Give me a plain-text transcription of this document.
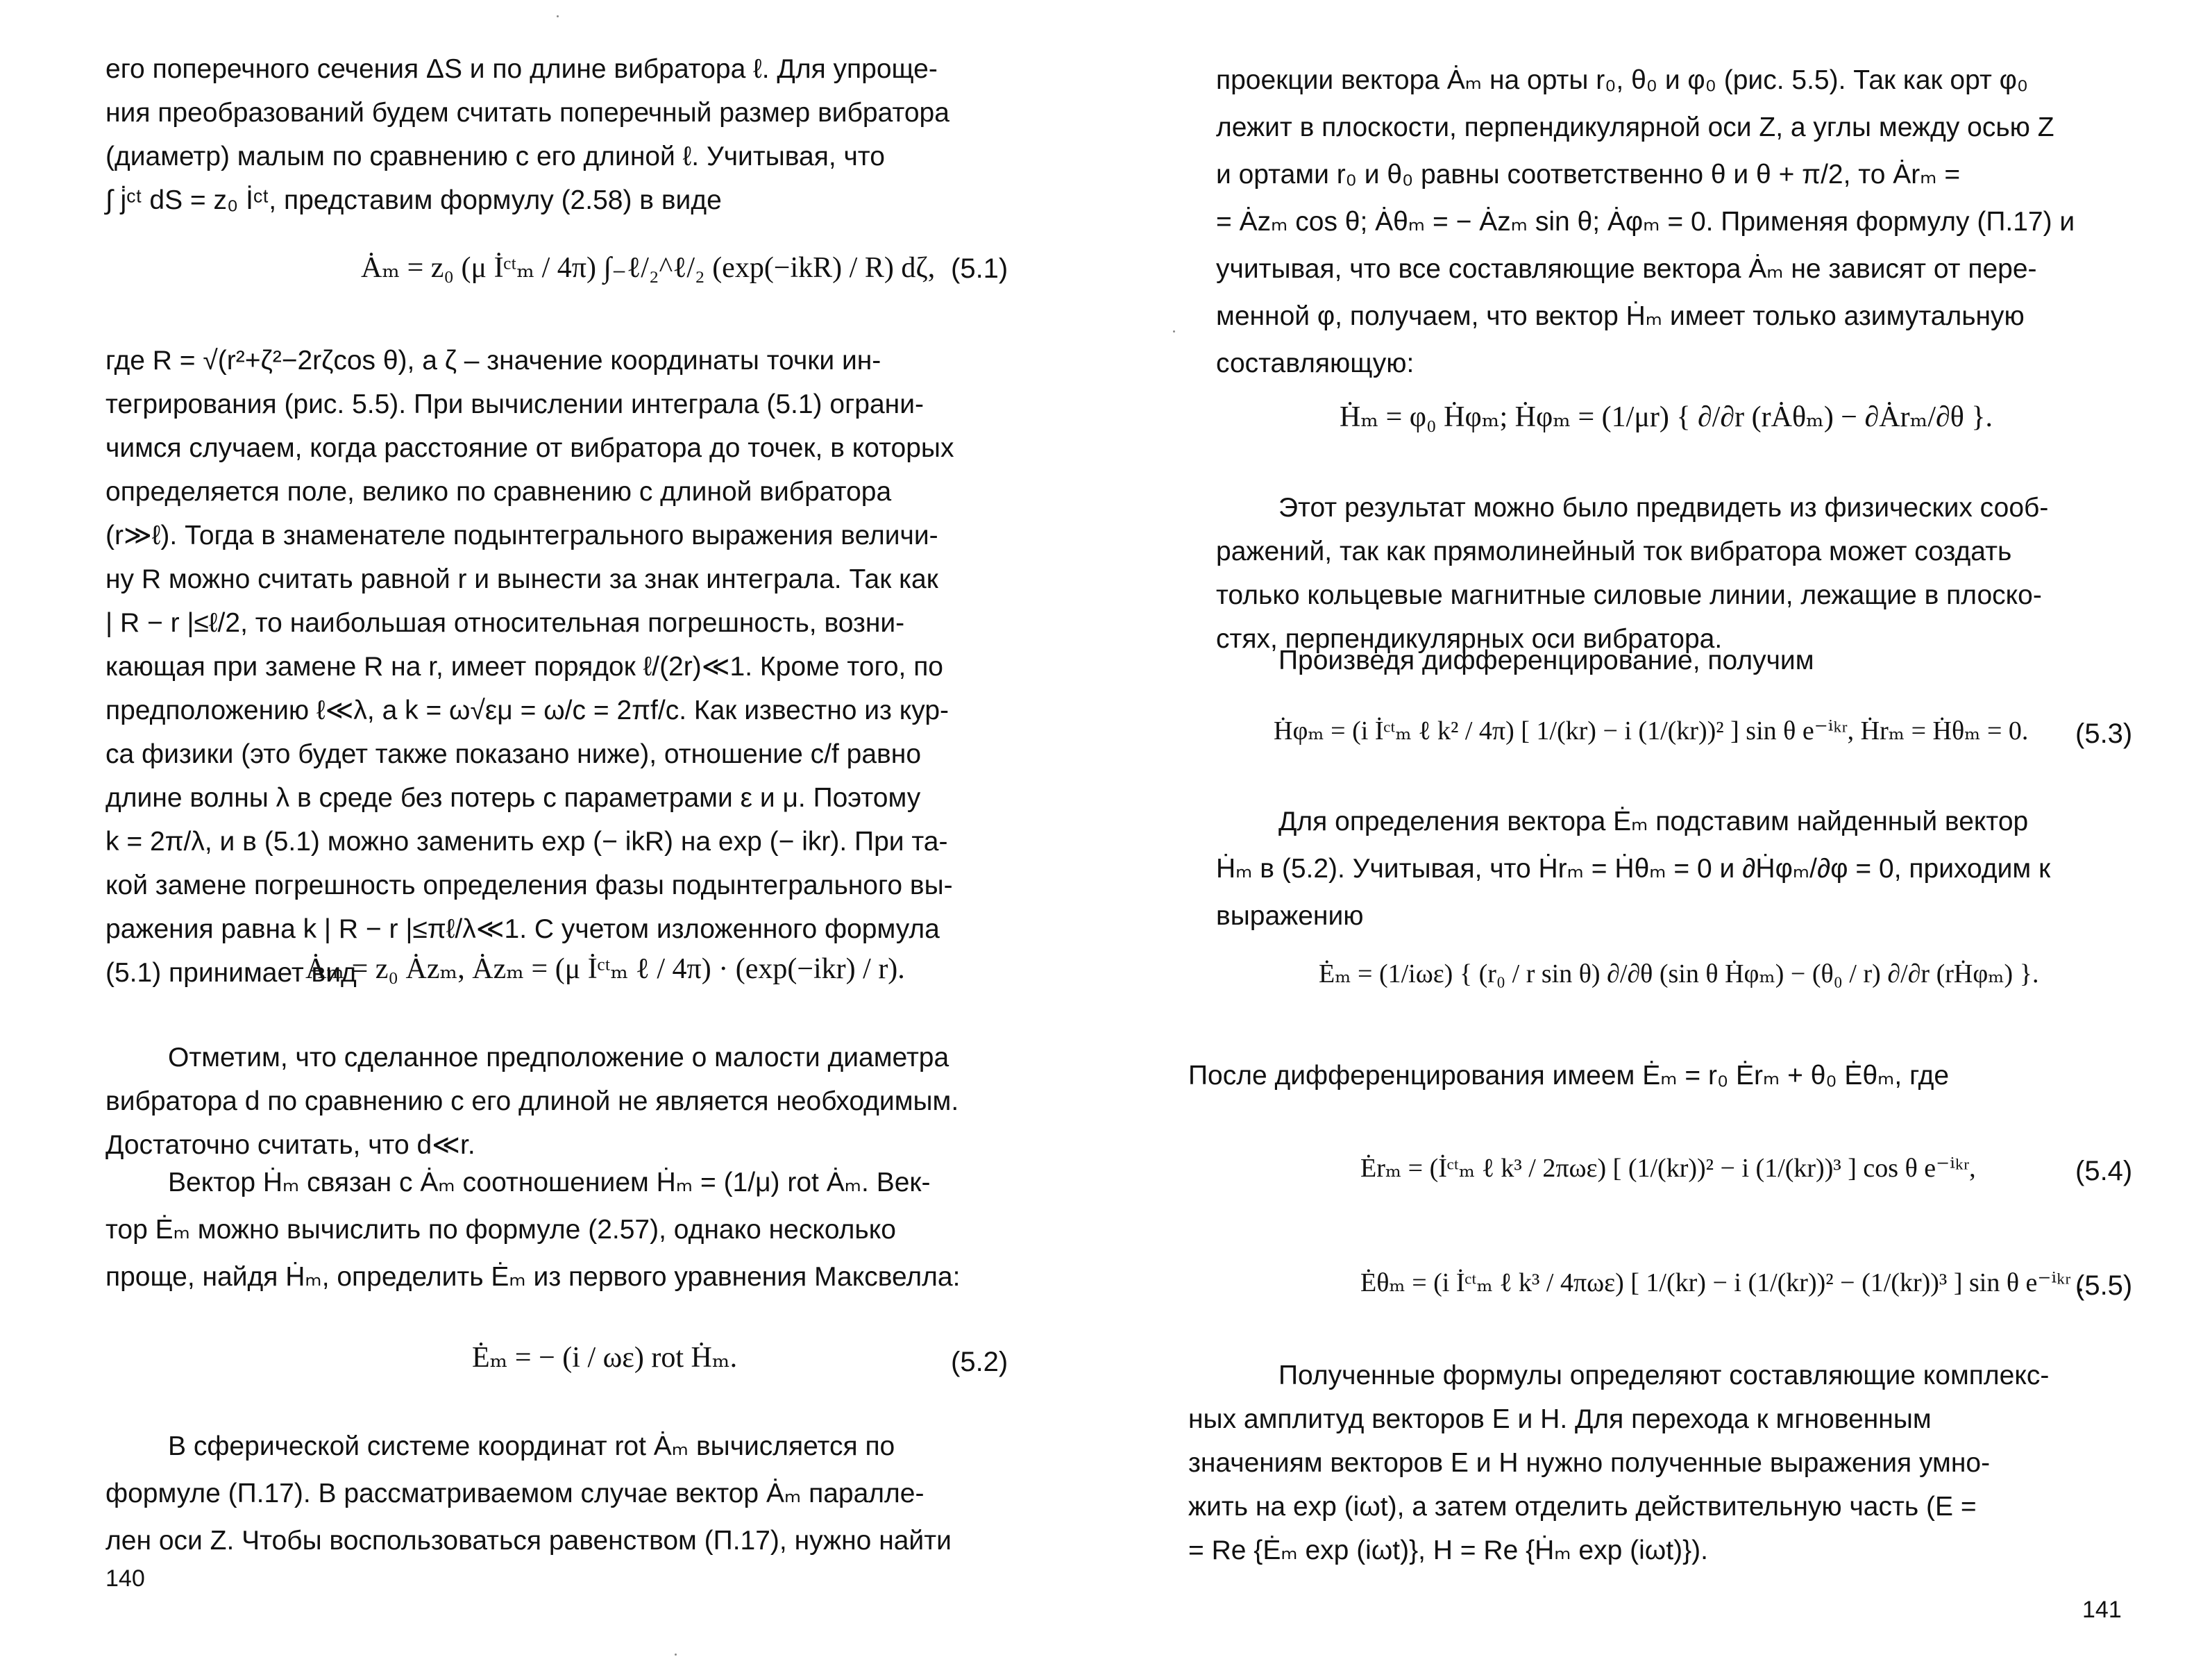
его поперечного сечения ΔS и по длине вибратора ℓ. Для упроще-
ния преобразований будем считать поперечный размер вибратора
(диаметр) малым по сравнению с его длиной ℓ. Учитывая, что
∫ j̇ᶜᵗ dS = z₀ İᶜᵗ, представим формулу (2.58) в виде
Ȧₘ = z₀ (μ İᶜᵗₘ / 4π) ∫₋ℓ/₂^ℓ/₂ (exp(−ikR) / R) dζ, (5.1)
где R = √(r²+ζ²−2rζcos θ), а ζ – значение координаты точки ин-
тегрирования (рис. 5.5). При вычислении интеграла (5.1) ограни-
чимся случаем, когда расстояние от вибратора до точек, в которых
определяется поле, велико по сравнению с длиной вибратора
(r≫ℓ). Тогда в знаменателе подынтегрального выражения величи-
ну R можно считать равной r и вынести за знак интеграла. Так как
| R − r |≤ℓ/2, то наибольшая относительная погрешность, возни-
кающая при замене R на r, имеет порядок ℓ/(2r)≪1. Кроме того, по
предположению ℓ≪λ, а k = ω√εμ = ω/c = 2πf/c. Как известно из кур-
са физики (это будет также показано ниже), отношение c/f равно
длине волны λ в среде без потерь с параметрами ε и μ. Поэтому
k = 2π/λ, и в (5.1) можно заменить exp (− ikR) на exp (− ikr). При та-
кой замене погрешность определения фазы подынтегрального вы-
ражения равна k | R − r |≤πℓ/λ≪1. С учетом изложенного формула
(5.1) принимает вид
Ȧₘ = z₀ Ȧzₘ, Ȧzₘ = (μ İᶜᵗₘ ℓ / 4π) · (exp(−ikr) / r).
Отметим, что сделанное предположение о малости диаметра
вибратора d по сравнению с его длиной не является необходимым.
Достаточно считать, что d≪r.
Вектор Ḣₘ связан с Ȧₘ соотношением Ḣₘ = (1/μ) rot Ȧₘ. Век-
тор Ėₘ можно вычислить по формуле (2.57), однако несколько
проще, найдя Ḣₘ, определить Ėₘ из первого уравнения Максвелла:
Ėₘ = − (i / ωε) rot Ḣₘ.	(5.2)
В сферической системе координат rot Ȧₘ вычисляется по
формуле (П.17). В рассматриваемом случае вектор Ȧₘ паралле-
лен оси Z. Чтобы воспользоваться равенством (П.17), нужно найти
140
проекции вектора Ȧₘ на орты r₀, θ₀ и φ₀ (рис. 5.5). Так как орт φ₀
лежит в плоскости, перпендикулярной оси Z, а углы между осью Z
и ортами r₀ и θ₀ равны соответственно θ и θ + π/2, то Ȧrₘ =
= Ȧzₘ cos θ; Ȧθₘ = − Ȧzₘ sin θ; Ȧφₘ = 0. Применяя формулу (П.17) и
учитывая, что все составляющие вектора Ȧₘ не зависят от пере-
менной φ, получаем, что вектор Ḣₘ имеет только азимутальную
составляющую:
Ḣₘ = φ₀ Ḣφₘ; Ḣφₘ = (1/μr) { ∂/∂r (rȦθₘ) − ∂Ȧrₘ/∂θ }.
Этот результат можно было предвидеть из физических сооб-
ражений, так как прямолинейный ток вибратора может создать
только кольцевые магнитные силовые линии, лежащие в плоско-
стях, перпендикулярных оси вибратора.
Произведя дифференцирование, получим
Ḣφₘ = (i İᶜᵗₘ ℓ k² / 4π) [ 1/(kr) − i (1/(kr))² ] sin θ e⁻ⁱᵏʳ, Ḣrₘ = Ḣθₘ = 0. (5.3)
Для определения вектора Ėₘ подставим найденный вектор
Ḣₘ в (5.2). Учитывая, что Ḣrₘ = Ḣθₘ = 0 и ∂Ḣφₘ/∂φ = 0, приходим к
выражению
Ėₘ = (1/iωε) { (r₀ / r sin θ) ∂/∂θ (sin θ Ḣφₘ) − (θ₀ / r) ∂/∂r (rḢφₘ) }.
После дифференцирования имеем Ėₘ = r₀ Ėrₘ + θ₀ Ėθₘ, где
Ėrₘ = (İᶜᵗₘ ℓ k³ / 2πωε) [ (1/(kr))² − i (1/(kr))³ ] cos θ e⁻ⁱᵏʳ,	(5.4)
Ėθₘ = (i İᶜᵗₘ ℓ k³ / 4πωε) [ 1/(kr) − i (1/(kr))² − (1/(kr))³ ] sin θ e⁻ⁱᵏʳ .
(5.5)
Полученные формулы определяют составляющие комплекс-
ных амплитуд векторов E и H. Для перехода к мгновенным
значениям векторов E и H нужно полученные выражения умно-
жить на exp (iωt), а затем отделить действительную часть (E =
= Re {Ėₘ exp (iωt)}, H = Re {Ḣₘ exp (iωt)}).
141
